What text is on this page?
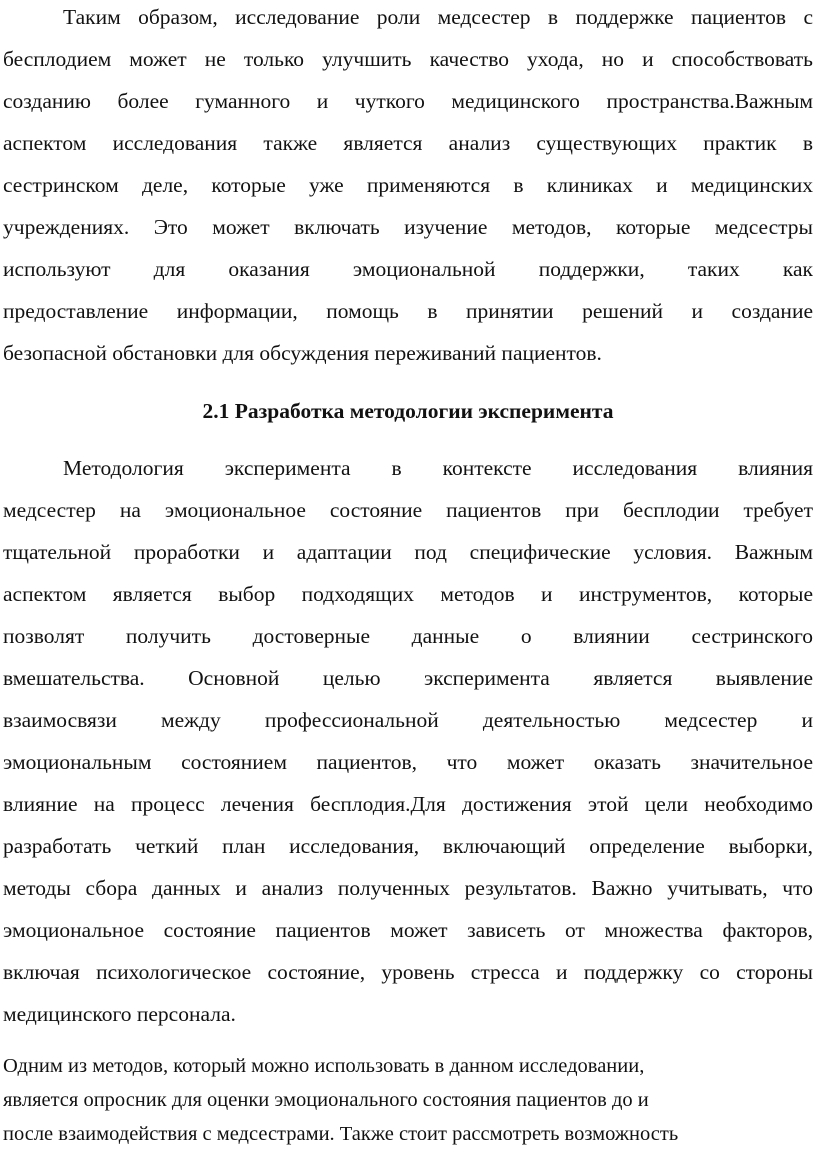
Таким образом, исследование роли медсестер в поддержке пациентов с
бесплодием может не только улучшить качество ухода, но и способствовать
созданию более гуманного и чуткого медицинского пространства.Важным
аспектом исследования также является анализ существующих практик в
сестринском деле, которые уже применяются в клиниках и медицинских
учреждениях. Это может включать изучение методов, которые медсестры
используют для оказания эмоциональной поддержки, таких как
предоставление информации, помощь в принятии решений и создание
безопасной обстановки для обсуждения переживаний пациентов.
2.1 Разработка методологии эксперимента
Методология эксперимента в контексте исследования влияния
медсестер на эмоциональное состояние пациентов при бесплодии требует
тщательной проработки и адаптации под специфические условия. Важным
аспектом является выбор подходящих методов и инструментов, которые
позволят получить достоверные данные о влиянии сестринского
вмешательства. Основной целью эксперимента является выявление
взаимосвязи между профессиональной деятельностью медсестер и
эмоциональным состоянием пациентов, что может оказать значительное
влияние на процесс лечения бесплодия.Для достижения этой цели необходимо
разработать четкий план исследования, включающий определение выборки,
методы сбора данных и анализ полученных результатов. Важно учитывать, что
эмоциональное состояние пациентов может зависеть от множества факторов,
включая психологическое состояние, уровень стресса и поддержку со стороны
медицинского персонала.
Одним из методов, который можно использовать в данном исследовании,
является опросник для оценки эмоционального состояния пациентов до и
после взаимодействия с медсестрами. Также стоит рассмотреть возможность
